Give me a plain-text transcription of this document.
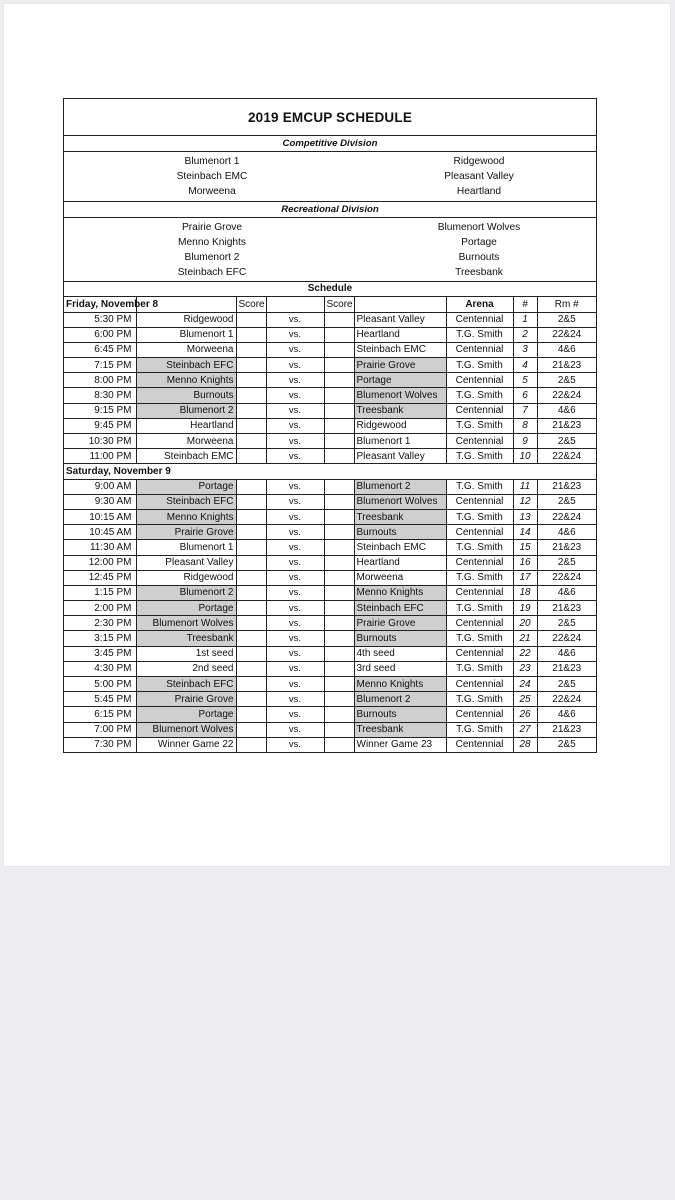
2019 EMCUP SCHEDULE
Competitive Division
Blumenort 1	Ridgewood
Steinbach EMC	Pleasant Valley
Morweena	Heartland
Recreational Division
Prairie Grove	Blumenort Wolves
Menno Knights	Portage
Blumenort 2	Burnouts
Steinbach EFC	Treesbank
Schedule
Friday, November 8		Score		Score		Arena	#	Rm #
5:30 PM	Ridgewood		vs.		Pleasant Valley	Centennial	1	2&5
6:00 PM	Blumenort 1		vs.		Heartland	T.G. Smith	2	22&24
6:45 PM	Morweena		vs.		Steinbach EMC	Centennial	3	4&6
7:15 PM	Steinbach EFC		vs.		Prairie Grove	T.G. Smith	4	21&23
8:00 PM	Menno Knights		vs.		Portage	Centennial	5	2&5
8:30 PM	Burnouts		vs.		Blumenort Wolves	T.G. Smith	6	22&24
9:15 PM	Blumenort 2		vs.		Treesbank	Centennial	7	4&6
9:45 PM	Heartland		vs.		Ridgewood	T.G. Smith	8	21&23
10:30 PM	Morweena		vs.		Blumenort 1	Centennial	9	2&5
11:00 PM	Steinbach EMC		vs.		Pleasant Valley	T.G. Smith	10	22&24
Saturday, November 9								
9:00 AM	Portage		vs.		Blumenort 2	T.G. Smith	11	21&23
9:30 AM	Steinbach EFC		vs.		Blumenort Wolves	Centennial	12	2&5
10:15 AM	Menno Knights		vs.		Treesbank	T.G. Smith	13	22&24
10:45 AM	Prairie Grove		vs.		Burnouts	Centennial	14	4&6
11:30 AM	Blumenort 1		vs.		Steinbach EMC	T.G. Smith	15	21&23
12:00 PM	Pleasant Valley		vs.		Heartland	Centennial	16	2&5
12:45 PM	Ridgewood		vs.		Morweena	T.G. Smith	17	22&24
1:15 PM	Blumenort 2		vs.		Menno Knights	Centennial	18	4&6
2:00 PM	Portage		vs.		Steinbach EFC	T.G. Smith	19	21&23
2:30 PM	Blumenort Wolves		vs.		Prairie Grove	Centennial	20	2&5
3:15 PM	Treesbank		vs.		Burnouts	T.G. Smith	21	22&24
3:45 PM	1st seed		vs.		4th seed	Centennial	22	4&6
4:30 PM	2nd seed		vs.		3rd seed	T.G. Smith	23	21&23
5:00 PM	Steinbach EFC		vs.		Menno Knights	Centennial	24	2&5
5:45 PM	Prairie Grove		vs.		Blumenort 2	T.G. Smith	25	22&24
6:15 PM	Portage		vs.		Burnouts	Centennial	26	4&6
7:00 PM	Blumenort Wolves		vs.		Treesbank	T.G. Smith	27	21&23
7:30 PM	Winner Game 22		vs.		Winner Game 23	Centennial	28	2&5
